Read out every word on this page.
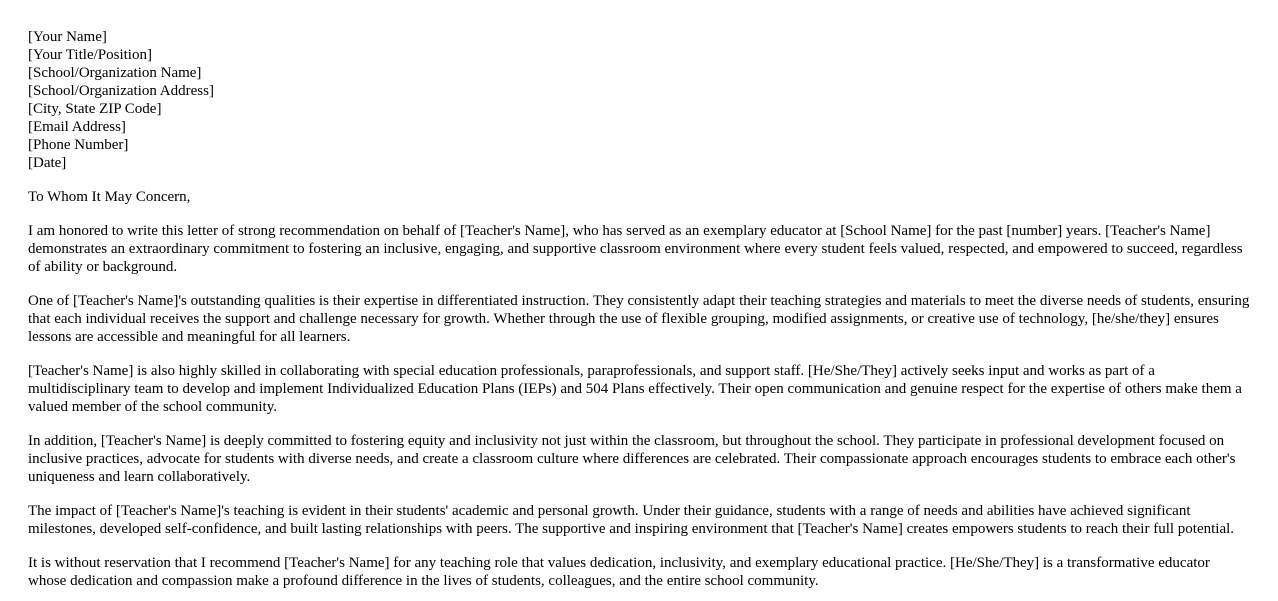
[Your Name]
[Your Title/Position]
[School/Organization Name]
[School/Organization Address]
[City, State ZIP Code]
[Email Address]
[Phone Number]
[Date]

To Whom It May Concern,

I am honored to write this letter of strong recommendation on behalf of [Teacher's Name], who has served as an exemplary educator at [School Name] for the past [number] years. [Teacher's Name] demonstrates an extraordinary commitment to fostering an inclusive, engaging, and supportive classroom environment where every student feels valued, respected, and empowered to succeed, regardless of ability or background.

One of [Teacher's Name]'s outstanding qualities is their expertise in differentiated instruction. They consistently adapt their teaching strategies and materials to meet the diverse needs of students, ensuring that each individual receives the support and challenge necessary for growth. Whether through the use of flexible grouping, modified assignments, or creative use of technology, [he/she/they] ensures lessons are accessible and meaningful for all learners.

[Teacher's Name] is also highly skilled in collaborating with special education professionals, paraprofessionals, and support staff. [He/She/They] actively seeks input and works as part of a multidisciplinary team to develop and implement Individualized Education Plans (IEPs) and 504 Plans effectively. Their open communication and genuine respect for the expertise of others make them a valued member of the school community.

In addition, [Teacher's Name] is deeply committed to fostering equity and inclusivity not just within the classroom, but throughout the school. They participate in professional development focused on inclusive practices, advocate for students with diverse needs, and create a classroom culture where differences are celebrated. Their compassionate approach encourages students to embrace each other's uniqueness and learn collaboratively.

The impact of [Teacher's Name]'s teaching is evident in their students' academic and personal growth. Under their guidance, students with a range of needs and abilities have achieved significant milestones, developed self-confidence, and built lasting relationships with peers. The supportive and inspiring environment that [Teacher's Name] creates empowers students to reach their full potential.

It is without reservation that I recommend [Teacher's Name] for any teaching role that values dedication, inclusivity, and exemplary educational practice. [He/She/They] is a transformative educator whose dedication and compassion make a profound difference in the lives of students, colleagues, and the entire school community.
